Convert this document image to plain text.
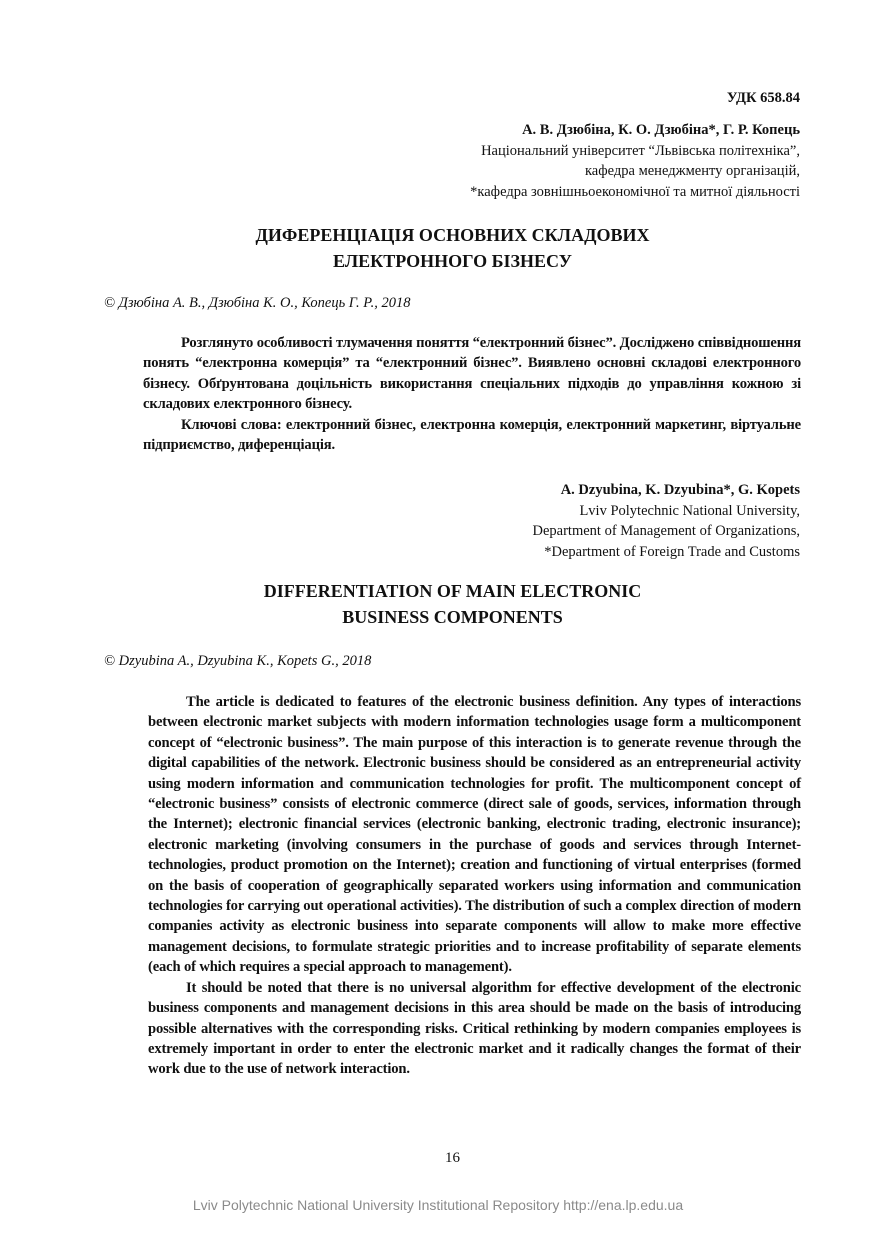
УДК 658.84
А. В. Дзюбіна, К. О. Дзюбіна*, Г. Р. Копець
Національний університет “Львівська політехніка”,
кафедра менеджменту організацій,
*кафедра зовнішньоекономічної та митної діяльності
ДИФЕРЕНЦІАЦІЯ ОСНОВНИХ СКЛАДОВИХ
ЕЛЕКТРОННОГО БІЗНЕСУ
© Дзюбіна А. В., Дзюбіна К. О., Копець Г. Р., 2018

Розглянуто особливості тлумачення поняття “електронний бізнес”. Досліджено співвідношення понять “електронна комерція” та “електронний бізнес”. Виявлено основні складові електронного бізнесу. Обґрунтована доцільність використання спеціальних підходів до управління кожною зі складових електронного бізнесу.

Ключові слова: електронний бізнес, електронна комерція, електронний маркетинг, віртуальне підприємство, диференціація.

A. Dzyubina, K. Dzyubina*, G. Kopets
Lviv Polytechnic National University,
Department of Management of Organizations,
*Department of Foreign Trade and Customs
DIFFERENTIATION OF MAIN ELECTRONIC
BUSINESS COMPONENTS
© Dzyubina A., Dzyubina K., Kopets G., 2018

The article is dedicated to features of the electronic business definition. Any types of interactions between electronic market subjects with modern information technologies usage form a multicomponent concept of “electronic business”. The main purpose of this interaction is to generate revenue through the digital capabilities of the network. Electronic business should be considered as an entrepreneurial activity using modern information and communication technologies for profit. The multicomponent concept of “electronic business” consists of electronic commerce (direct sale of goods, services, information through the Internet); electronic financial services (electronic banking, electronic trading, electronic insurance); electronic marketing (involving consumers in the purchase of goods and services through Internet-technologies, product promotion on the Internet); creation and functioning of virtual enterprises (formed on the basis of cooperation of geographically separated workers using information and communication technologies for carrying out operational activities). The distribution of such a complex direction of modern companies activity as electronic business into separate components will allow to make more effective management decisions, to formulate strategic priorities and to increase profitability of separate elements (each of which requires a special approach to management).

It should be noted that there is no universal algorithm for effective development of the electronic business components and management decisions in this area should be made on the basis of introducing possible alternatives with the corresponding risks. Critical rethinking by modern companies employees is extremely important in order to enter the electronic market and it radically changes the format of their work due to the use of network interaction.

16
Lviv Polytechnic National University Institutional Repository http://ena.lp.edu.ua
